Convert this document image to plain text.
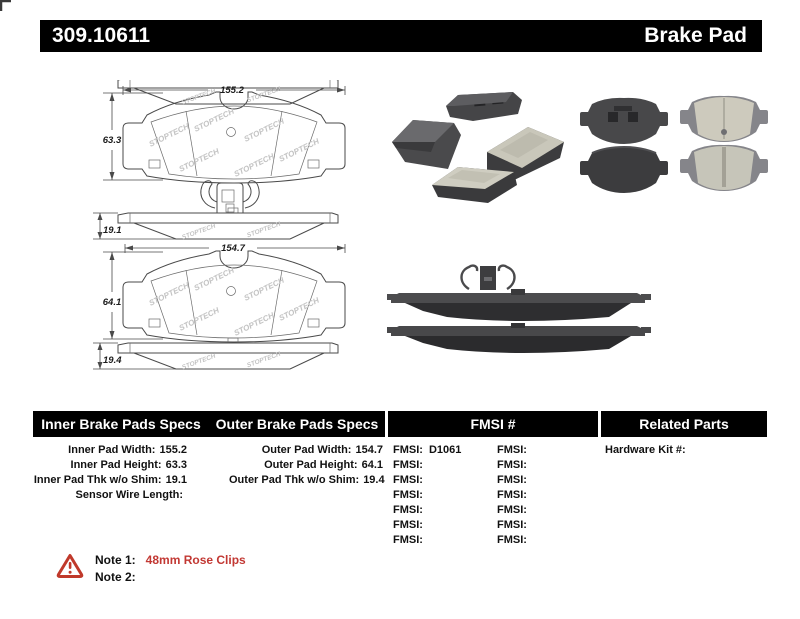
309.10611	Brake Pad
STOPTECH
STOPTECH STOPTECH
STOPTECH STOPTECH
STOPTECH
STOPTECH	STOPTECH
155.2
63.3
19.1
154.7
64.1
19.4
Inner Brake Pads Specs	Outer Brake Pads Specs	FMSI #	Related Parts
Inner Pad Width: 155.2
Inner Pad Height: 63.3
Inner Pad Thk w/o Shim: 19.1
Sensor Wire Length:
Outer Pad Width: 154.7
Outer Pad Height: 64.1
Outer Pad Thk w/o Shim: 19.4
FMSI: D1061
FMSI:
FMSI:
FMSI:
FMSI:
FMSI:
FMSI:
FMSI:
FMSI:
FMSI:
FMSI:
FMSI:
FMSI:
FMSI:
Hardware Kit #:
Note 1: 48mm Rose Clips
Note 2:
